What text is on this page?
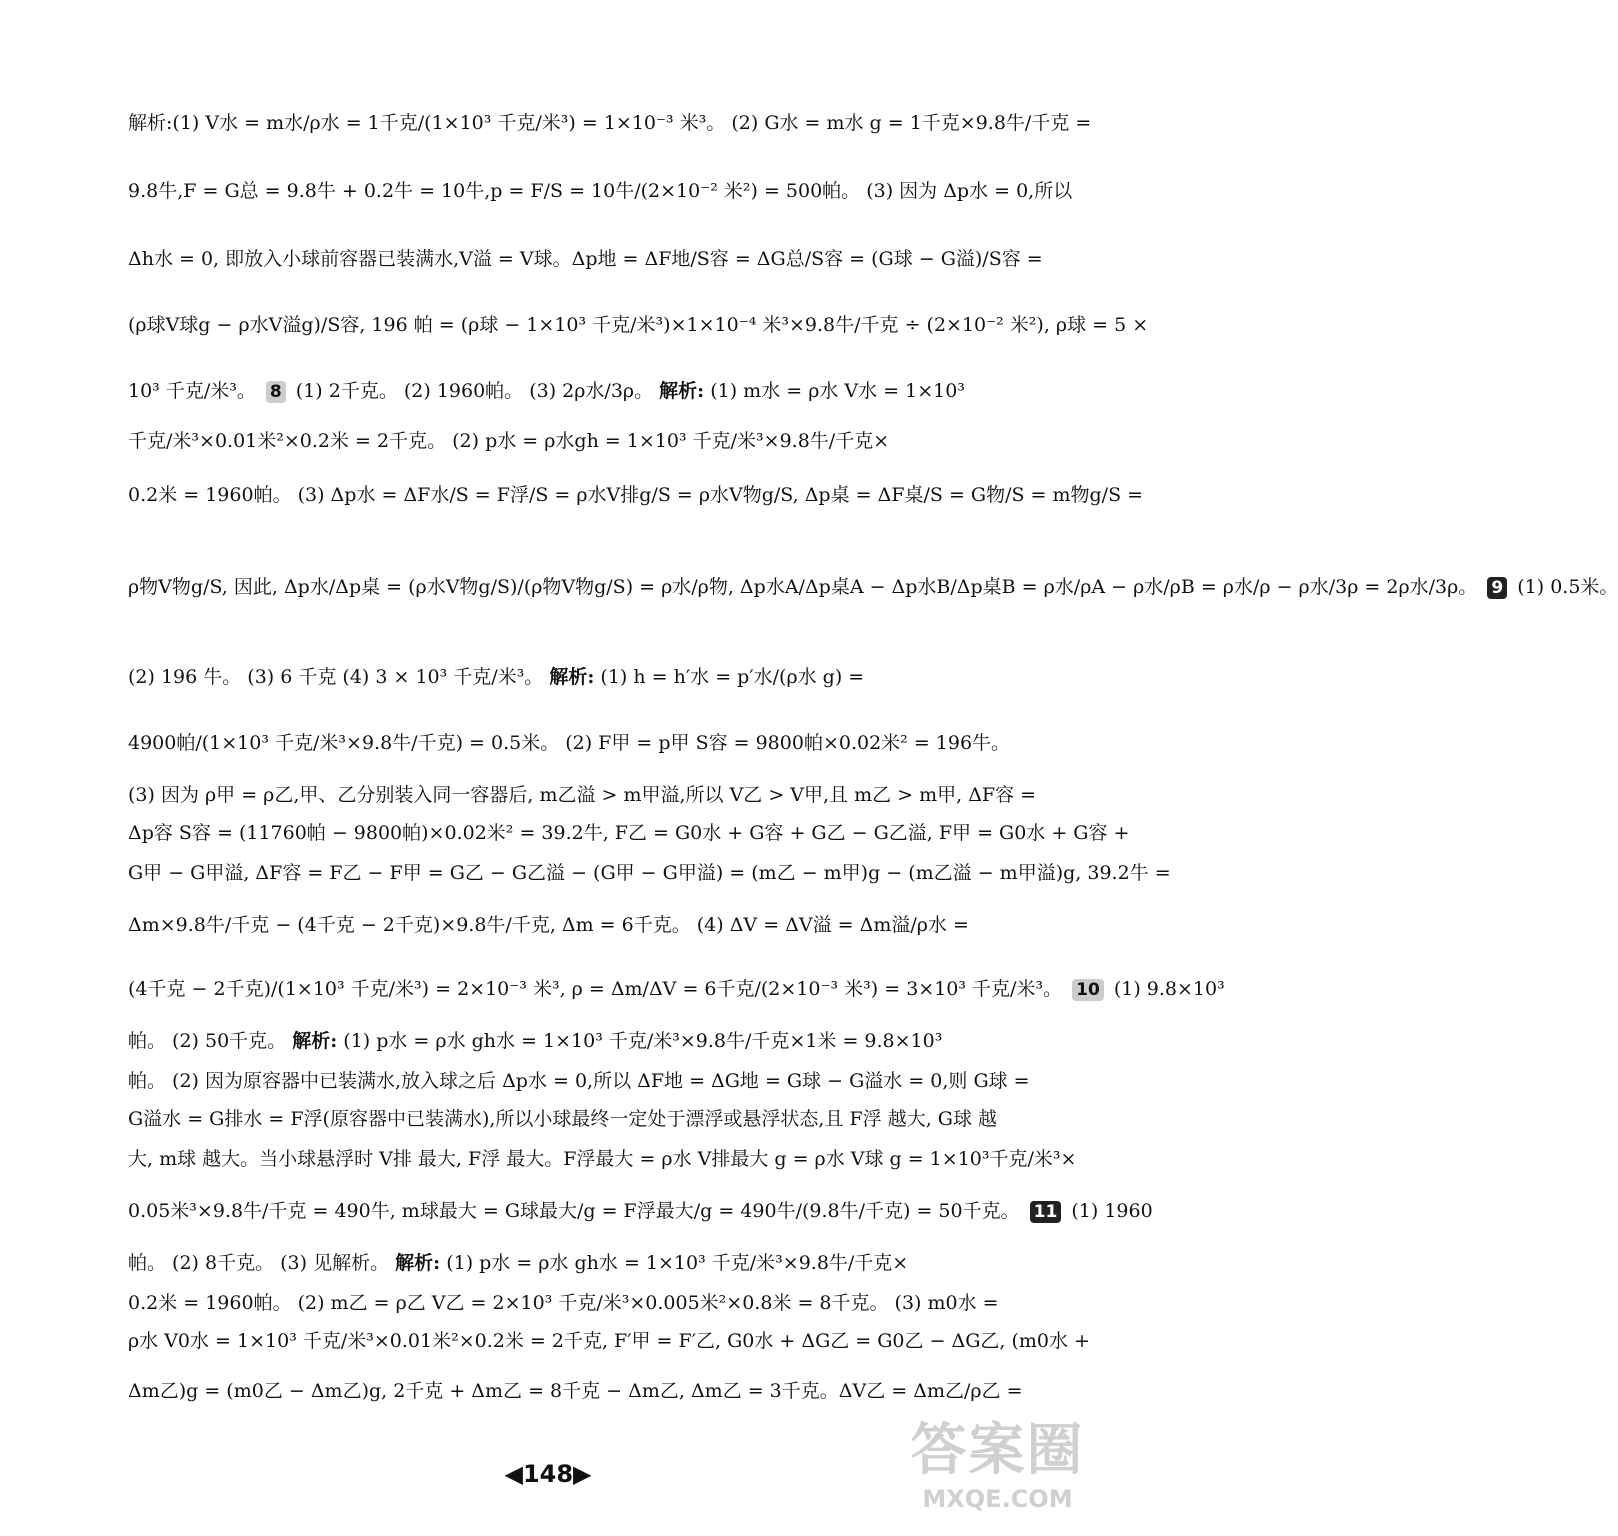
解析:(1) V水 = m水/ρ水 = 1千克/(1×10³ 千克/米³) = 1×10⁻³ 米³。 (2) G水 = m水 g = 1千克×9.8牛/千克 =
9.8牛,F = G总 = 9.8牛 + 0.2牛 = 10牛,p = F/S = 10牛/(2×10⁻² 米²) = 500帕。 (3) 因为 Δp水 = 0,所以
Δh水 = 0, 即放入小球前容器已装满水,V溢 = V球。Δp地 = ΔF地/S容 = ΔG总/S容 = (G球 − G溢)/S容 =
(ρ球V球g − ρ水V溢g)/S容, 196 帕 = (ρ球 − 1×10³ 千克/米³)×1×10⁻⁴ 米³×9.8牛/千克 ÷ (2×10⁻² 米²), ρ球 = 5 ×
10³ 千克/米³。 8 (1) 2千克。 (2) 1960帕。 (3) 2ρ水/3ρ。 解析: (1) m水 = ρ水 V水 = 1×10³
千克/米³×0.01米²×0.2米 = 2千克。 (2) p水 = ρ水gh = 1×10³ 千克/米³×9.8牛/千克×
0.2米 = 1960帕。 (3) Δp水 = ΔF水/S = F浮/S = ρ水V排g/S = ρ水V物g/S, Δp桌 = ΔF桌/S = G物/S = m物g/S =
ρ物V物g/S, 因此, Δp水/Δp桌 = (ρ水V物g/S)/(ρ物V物g/S) = ρ水/ρ物, Δp水A/Δp桌A − Δp水B/Δp桌B = ρ水/ρA − ρ水/ρB = ρ水/ρ − ρ水/3ρ = 2ρ水/3ρ。 9 (1) 0.5米。
(2) 196 牛。 (3) 6 千克 (4) 3 × 10³ 千克/米³。 解析: (1) h = h′水 = p′水/(ρ水 g) =
4900帕/(1×10³ 千克/米³×9.8牛/千克) = 0.5米。 (2) F甲 = p甲 S容 = 9800帕×0.02米² = 196牛。
(3) 因为 ρ甲 = ρ乙,甲、乙分别装入同一容器后, m乙溢 > m甲溢,所以 V乙 > V甲,且 m乙 > m甲, ΔF容 =
Δp容 S容 = (11760帕 − 9800帕)×0.02米² = 39.2牛, F乙 = G0水 + G容 + G乙 − G乙溢, F甲 = G0水 + G容 +
G甲 − G甲溢, ΔF容 = F乙 − F甲 = G乙 − G乙溢 − (G甲 − G甲溢) = (m乙 − m甲)g − (m乙溢 − m甲溢)g, 39.2牛 =
Δm×9.8牛/千克 − (4千克 − 2千克)×9.8牛/千克, Δm = 6千克。 (4) ΔV = ΔV溢 = Δm溢/ρ水 =
(4千克 − 2千克)/(1×10³ 千克/米³) = 2×10⁻³ 米³, ρ = Δm/ΔV = 6千克/(2×10⁻³ 米³) = 3×10³ 千克/米³。 10 (1) 9.8×10³
帕。 (2) 50千克。 解析: (1) p水 = ρ水 gh水 = 1×10³ 千克/米³×9.8牛/千克×1米 = 9.8×10³
帕。 (2) 因为原容器中已装满水,放入球之后 Δp水 = 0,所以 ΔF地 = ΔG地 = G球 − G溢水 = 0,则 G球 =
G溢水 = G排水 = F浮(原容器中已装满水),所以小球最终一定处于漂浮或悬浮状态,且 F浮 越大, G球 越
大, m球 越大。当小球悬浮时 V排 最大, F浮 最大。F浮最大 = ρ水 V排最大 g = ρ水 V球 g = 1×10³千克/米³×
0.05米³×9.8牛/千克 = 490牛, m球最大 = G球最大/g = F浮最大/g = 490牛/(9.8牛/千克) = 50千克。 11 (1) 1960
帕。 (2) 8千克。 (3) 见解析。 解析: (1) p水 = ρ水 gh水 = 1×10³ 千克/米³×9.8牛/千克×
0.2米 = 1960帕。 (2) m乙 = ρ乙 V乙 = 2×10³ 千克/米³×0.005米²×0.8米 = 8千克。 (3) m0水 =
ρ水 V0水 = 1×10³ 千克/米³×0.01米²×0.2米 = 2千克, F′甲 = F′乙, G0水 + ΔG乙 = G0乙 − ΔG乙, (m0水 +
Δm乙)g = (m0乙 − Δm乙)g, 2千克 + Δm乙 = 8千克 − Δm乙, Δm乙 = 3千克。ΔV乙 = Δm乙/ρ乙 =
◀148▶	答案圈
MXQE.COM
